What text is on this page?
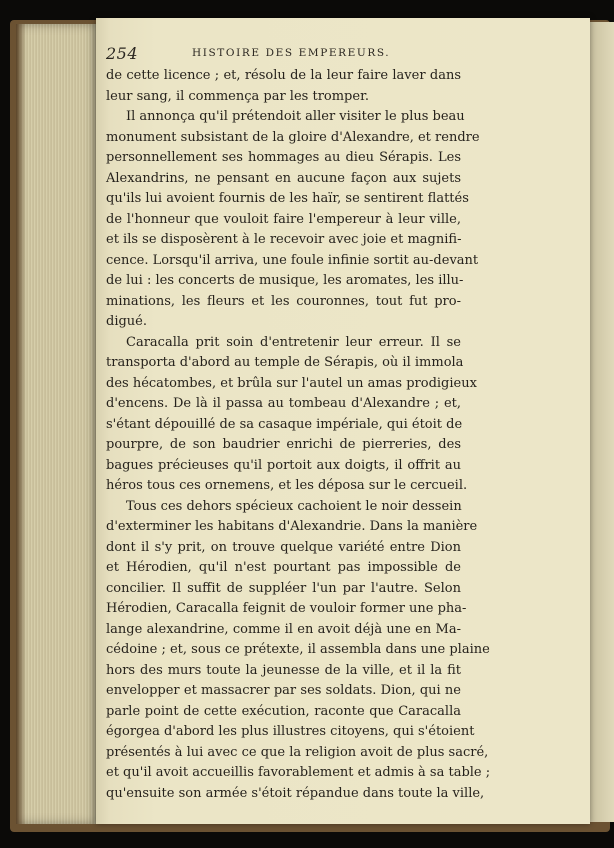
254	HISTOIRE DES EMPEREURS.
de cette licence ; et, résolu de la leur faire laver dans
leur sang, il commença par les tromper.
Il annonça qu'il prétendoit aller visiter le plus beau
monument subsistant de la gloire d'Alexandre, et rendre
personnellement ses hommages au dieu Sérapis. Les
Alexandrins, ne pensant en aucune façon aux sujets
qu'ils lui avoient fournis de les haïr, se sentirent flattés
de l'honneur que vouloit faire l'empereur à leur ville,
et ils se disposèrent à le recevoir avec joie et magnifi-
cence. Lorsqu'il arriva, une foule infinie sortit au-devant
de lui : les concerts de musique, les aromates, les illu-
minations, les fleurs et les couronnes, tout fut pro-
digué.
Caracalla prit soin d'entretenir leur erreur. Il se
transporta d'abord au temple de Sérapis, où il immola
des hécatombes, et brûla sur l'autel un amas prodigieux
d'encens. De là il passa au tombeau d'Alexandre ; et,
s'étant dépouillé de sa casaque impériale, qui étoit de
pourpre, de son baudrier enrichi de pierreries, des
bagues précieuses qu'il portoit aux doigts, il offrit au
héros tous ces ornemens, et les déposa sur le cercueil.
Tous ces dehors spécieux cachoient le noir dessein
d'exterminer les habitans d'Alexandrie. Dans la manière
dont il s'y prit, on trouve quelque variété entre Dion
et Hérodien, qu'il n'est pourtant pas impossible de
concilier. Il suffit de suppléer l'un par l'autre. Selon
Hérodien, Caracalla feignit de vouloir former une pha-
lange alexandrine, comme il en avoit déjà une en Ma-
cédoine ; et, sous ce prétexte, il assembla dans une plaine
hors des murs toute la jeunesse de la ville, et il la fit
envelopper et massacrer par ses soldats. Dion, qui ne
parle point de cette exécution, raconte que Caracalla
égorgea d'abord les plus illustres citoyens, qui s'étoient
présentés à lui avec ce que la religion avoit de plus sacré,
et qu'il avoit accueillis favorablement et admis à sa table ;
qu'ensuite son armée s'étoit répandue dans toute la ville,
